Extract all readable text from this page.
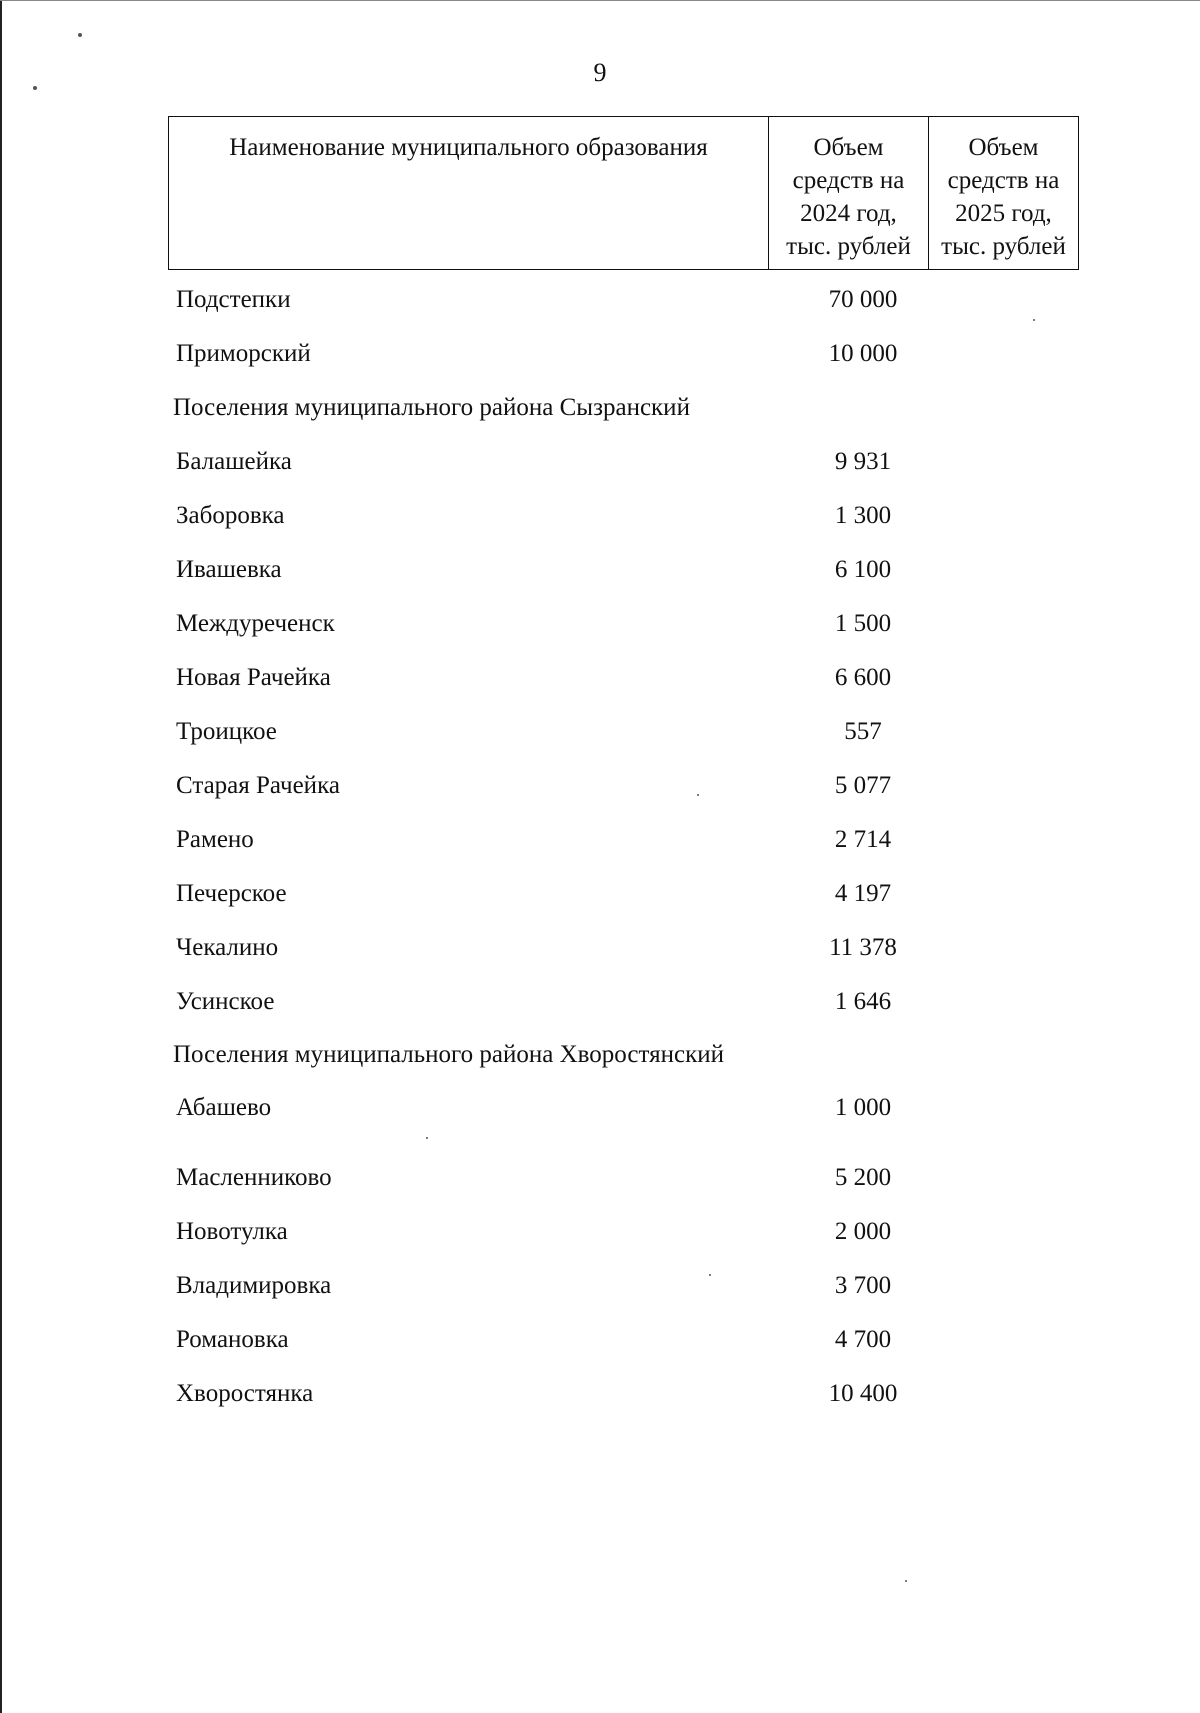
9
Наименование муниципального образования	Объем средств на 2024 год, тыс. рублей	Объем средств на 2025 год, тыс. рублей
Подстепки	70 000
Приморский	10 000
Поселения муниципального района Сызранский
Балашейка	9 931
Заборовка	1 300
Ивашевка	6 100
Междуреченск	1 500
Новая Рачейка	6 600
Троицкое	557
Старая Рачейка	5 077
Рамено	2 714
Печерское	4 197
Чекалино	11 378
Усинское	1 646
Поселения муниципального района Хворостянский
Абашево	1 000
Масленниково	5 200
Новотулка	2 000
Владимировка	3 700
Романовка	4 700
Хворостянка	10 400
